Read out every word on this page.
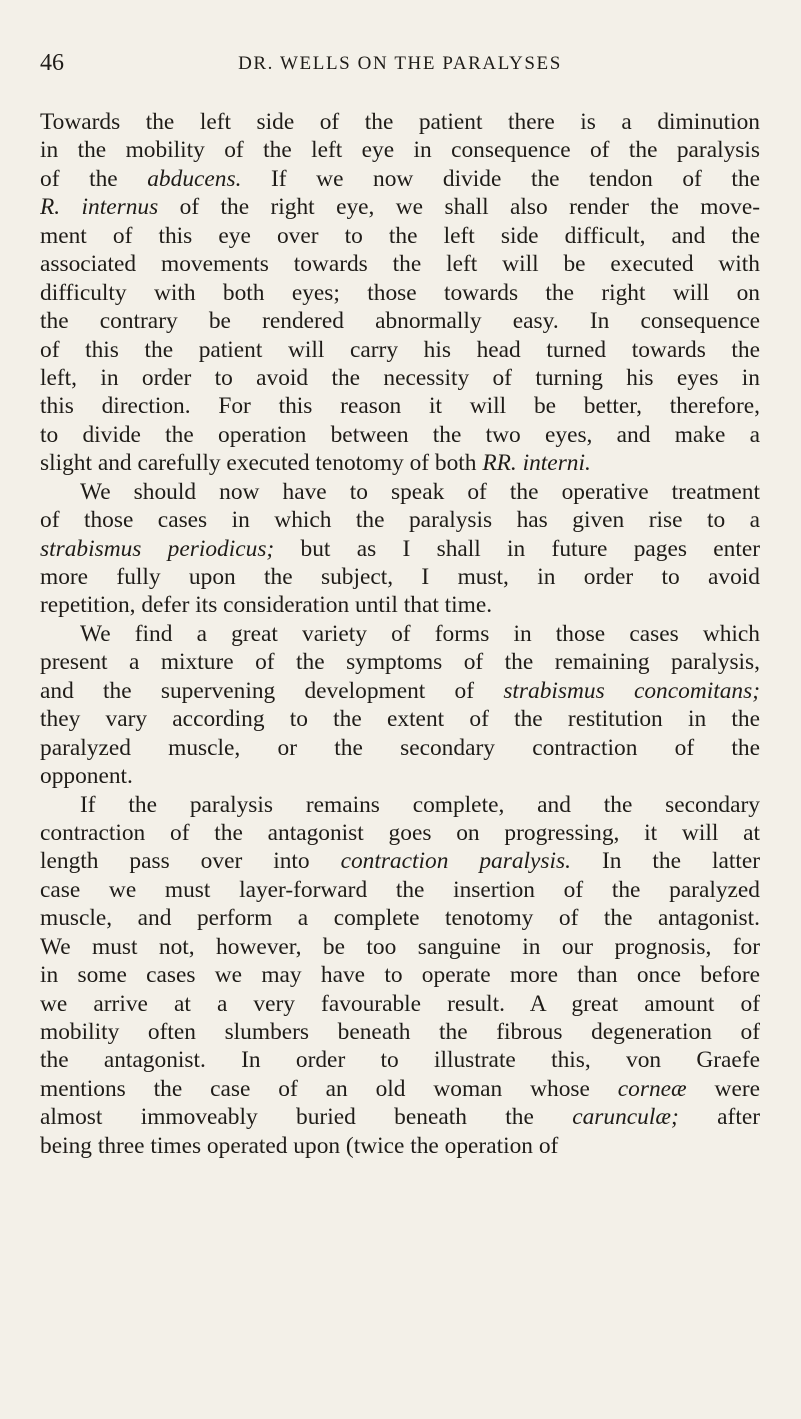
46	DR. WELLS ON THE PARALYSES
Towards the left side of the patient there is a diminution
in the mobility of the left eye in consequence of the paralysis
of the abducens. If we now divide the tendon of the
R. internus of the right eye, we shall also render the move-
ment of this eye over to the left side difficult, and the
associated movements towards the left will be executed with
difficulty with both eyes; those towards the right will on
the contrary be rendered abnormally easy. In consequence
of this the patient will carry his head turned towards the
left, in order to avoid the necessity of turning his eyes in
this direction. For this reason it will be better, therefore,
to divide the operation between the two eyes, and make a
slight and carefully executed tenotomy of both RR. interni.
We should now have to speak of the operative treatment
of those cases in which the paralysis has given rise to a
strabismus periodicus; but as I shall in future pages enter
more fully upon the subject, I must, in order to avoid
repetition, defer its consideration until that time.
We find a great variety of forms in those cases which
present a mixture of the symptoms of the remaining paralysis,
and the supervening development of strabismus concomitans;
they vary according to the extent of the restitution in the
paralyzed muscle, or the secondary contraction of the
opponent.
If the paralysis remains complete, and the secondary
contraction of the antagonist goes on progressing, it will at
length pass over into contraction paralysis. In the latter
case we must layer-forward the insertion of the paralyzed
muscle, and perform a complete tenotomy of the antagonist.
We must not, however, be too sanguine in our prognosis, for
in some cases we may have to operate more than once before
we arrive at a very favourable result. A great amount of
mobility often slumbers beneath the fibrous degeneration of
the antagonist. In order to illustrate this, von Graefe
mentions the case of an old woman whose corneæ were
almost immoveably buried beneath the carunculæ; after
being three times operated upon (twice the operation of
